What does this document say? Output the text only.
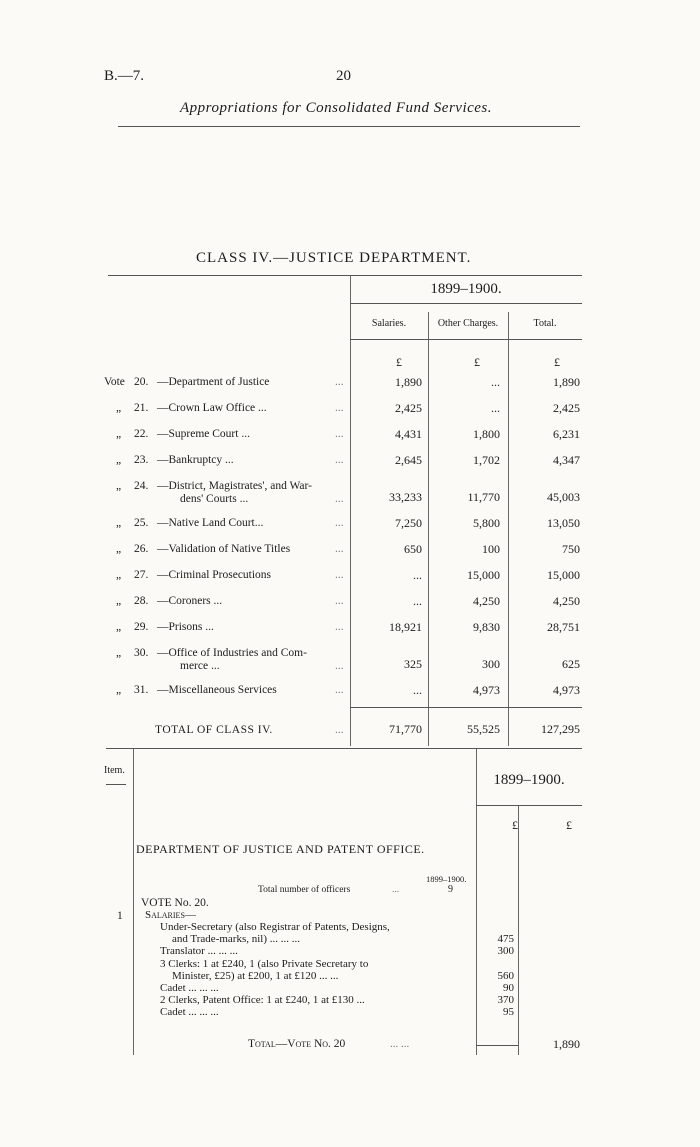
B.—7.	20
Appropriations for Consolidated Fund Services.
CLASS IV.—JUSTICE DEPARTMENT.
1899–1900.
Salaries.	Other Charges.	Total.
£	£	£
Vote 20. —Department of Justice	...	1,890	...	1,890
„ 21. —Crown Law Office ...	...	2,425	...	2,425
„ 22. —Supreme Court ...	...	4,431	1,800	6,231
„ 23. —Bankruptcy ...	...	2,645	1,702	4,347
„ 24. —District, Magistrates', and War-
dens' Courts ...	...	33,233	11,770	45,003
„ 25. —Native Land Court...	...	7,250	5,800	13,050
„ 26. —Validation of Native Titles	...	650	100	750
„ 27. —Criminal Prosecutions	...	...	15,000	15,000
„ 28. —Coroners ...	...	...	4,250	4,250
„ 29. —Prisons ...	...	18,921	9,830	28,751
„ 30. —Office of Industries and Com-
merce ...	...	325	300	625
„ 31. —Miscellaneous Services	...	...	4,973	4,973
TOTAL OF CLASS IV.	...	71,770	55,525	127,295
Item.
1899–1900.
£	£
DEPARTMENT OF JUSTICE AND PATENT OFFICE.
1899–1900.
Total number of officers	...	9
VOTE No. 20.
1 Salaries—
Under-Secretary (also Registrar of Patents, Designs,
and Trade-marks, nil) ... ... ...	475
Translator ... ... ...	300
3 Clerks: 1 at £240, 1 (also Private Secretary to
Minister, £25) at £200, 1 at £120 ... ...	560
Cadet ... ... ...	90
2 Clerks, Patent Office: 1 at £240, 1 at £130 ...	370
Cadet ... ... ...	95
Total—Vote No. 20	... ...	1,890
